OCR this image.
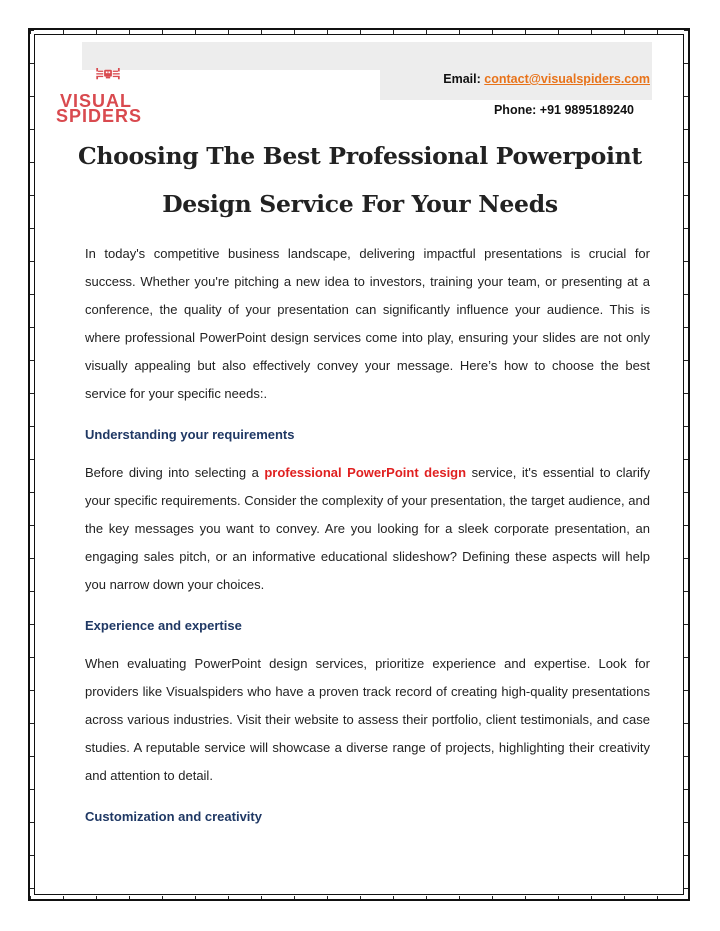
VISUAL
SPIDERS
Email: contact@visualspiders.com
Phone: +91 9895189240
Choosing The Best Professional Powerpoint
Design Service For Your Needs
In today's competitive business landscape, delivering impactful presentations is crucial for success. Whether you're pitching a new idea to investors, training your team, or presenting at a conference, the quality of your presentation can significantly influence your audience. This is where professional PowerPoint design services come into play, ensuring your slides are not only visually appealing but also effectively convey your message. Here’s how to choose the best service for your specific needs:.
Understanding your requirements
Before diving into selecting a professional PowerPoint design service, it's essential to clarify your specific requirements. Consider the complexity of your presentation, the target audience, and the key messages you want to convey. Are you looking for a sleek corporate presentation, an engaging sales pitch, or an informative educational slideshow? Defining these aspects will help you narrow down your choices.
Experience and expertise
When evaluating PowerPoint design services, prioritize experience and expertise. Look for providers like Visualspiders who have a proven track record of creating high-quality presentations across various industries. Visit their website to assess their portfolio, client testimonials, and case studies. A reputable service will showcase a diverse range of projects, highlighting their creativity and attention to detail.
Customization and creativity
